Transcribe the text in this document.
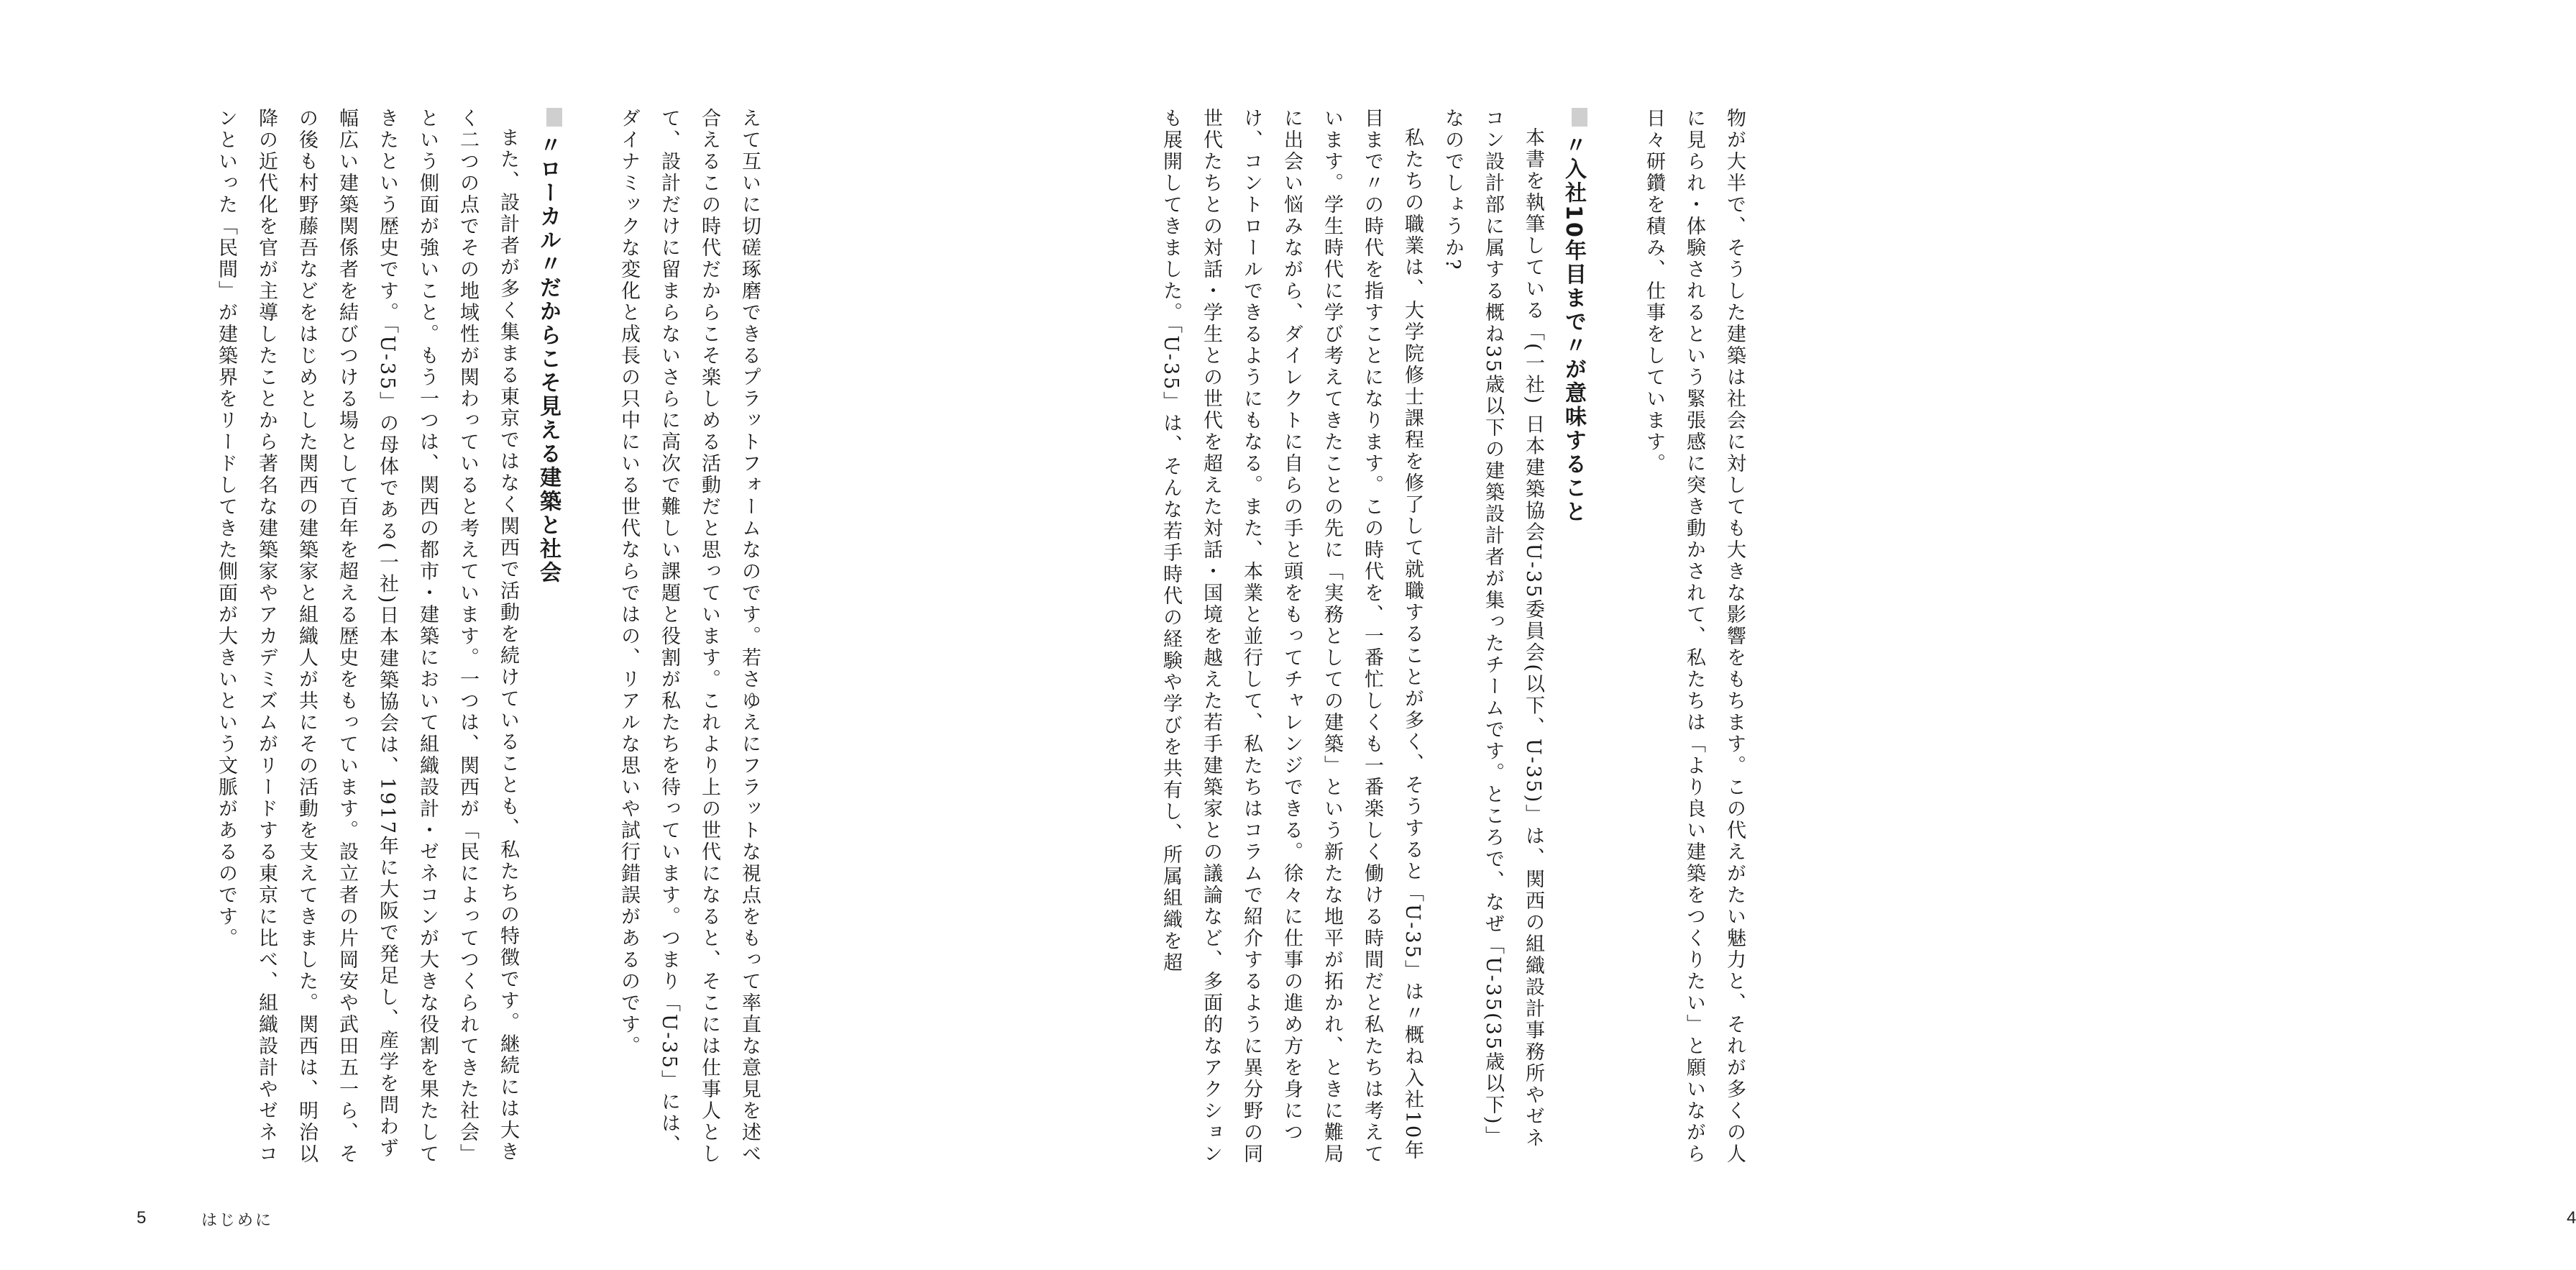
えて互いに切磋琢磨できるプラットフォームなのです。若さゆえにフラットな視点をもって率直な意見を述べ合えるこの時代だからこそ楽しめる活動だと思っています。これより上の世代になると、そこには仕事人として、設計だけに留まらないさらに高次で難しい課題と役割が私たちを待っています。つまり「U-35」には、ダイナミックな変化と成長の只中にいる世代ならではの、リアルな思いや試行錯誤があるのです。

〃ローカル〃だからこそ見える建築と社会

また、設計者が多く集まる東京ではなく関西で活動を続けていることも、私たちの特徴です。継続には大きく二つの点でその地域性が関わっていると考えています。一つは、関西が「民によってつくられてきた社会」という側面が強いこと。もう一つは、関西の都市・建築において組織設計・ゼネコンが大きな役割を果たしてきたという歴史です。「U-35」の母体である(一社)日本建築協会は、1917年に大阪で発足し、産学を問わず幅広い建築関係者を結びつける場として百年を超える歴史をもっています。設立者の片岡安や武田五一ら、その後も村野藤吾などをはじめとした関西の建築家と組織人が共にその活動を支えてきました。関西は、明治以降の近代化を官が主導したことから著名な建築家やアカデミズムがリードする東京に比べ、組織設計やゼネコンといった「民間」が建築界をリードしてきた側面が大きいという文脈があるのです。

5	はじめに

物が大半で、そうした建築は社会に対しても大きな影響をもちます。この代えがたい魅力と、それが多くの人に見られ・体験されるという緊張感に突き動かされて、私たちは「より良い建築をつくりたい」と願いながら日々研鑽を積み、仕事をしています。

〃入社10年目まで〃が意味すること

本書を執筆している「(一社) 日本建築協会U-35委員会(以下、U-35)」は、関西の組織設計事務所やゼネコン設計部に属する概ね35歳以下の建築設計者が集ったチームです。ところで、なぜ「U-35(35歳以下)」なのでしょうか?

私たちの職業は、大学院修士課程を修了して就職することが多く、そうすると「U-35」は〃概ね入社10年目まで〃の時代を指すことになります。この時代を、一番忙しくも一番楽しく働ける時間だと私たちは考えています。学生時代に学び考えてきたことの先に「実務としての建築」という新たな地平が拓かれ、ときに難局に出会い悩みながら、ダイレクトに自らの手と頭をもってチャレンジできる。徐々に仕事の進め方を身につけ、コントロールできるようにもなる。また、本業と並行して、私たちはコラムで紹介するように異分野の同世代たちとの対話・学生との世代を超えた対話・国境を越えた若手建築家との議論など、多面的なアクションも展開してきました。「U-35」は、そんな若手時代の経験や学びを共有し、所属組織を超

4
